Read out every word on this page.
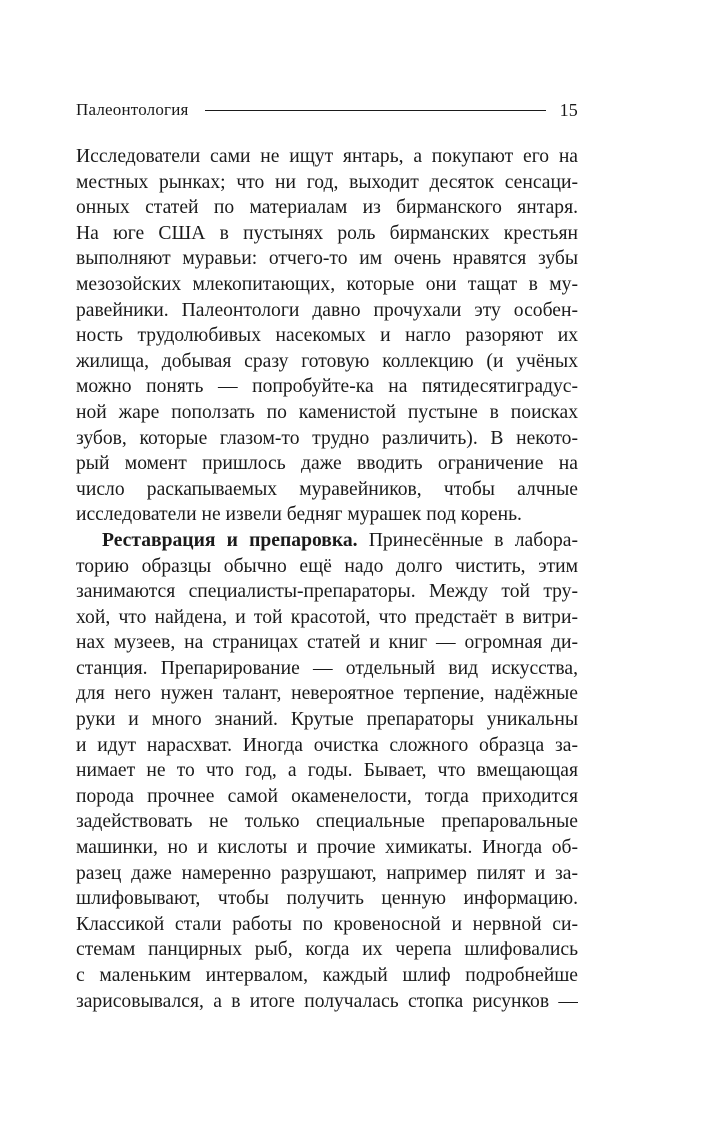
Палеонтология	15
Исследователи сами не ищут янтарь, а покупают его на
местных рынках; что ни год, выходит десяток сенсаци-
онных статей по материалам из бирманского янтаря.
На юге США в пустынях роль бирманских крестьян
выполняют муравьи: отчего-то им очень нравятся зубы
мезозойских млекопитающих, которые они тащат в му-
равейники. Палеонтологи давно прочухали эту особен-
ность трудолюбивых насекомых и нагло разоряют их
жилища, добывая сразу готовую коллекцию (и учёных
можно понять — попробуйте-ка на пятидесятиградус-
ной жаре поползать по каменистой пустыне в поисках
зубов, которые глазом-то трудно различить). В некото-
рый момент пришлось даже вводить ограничение на
число раскапываемых муравейников, чтобы алчные
исследователи не извели бедняг мурашек под корень.
Реставрация и препаровка. Принесённые в лабора-
торию образцы обычно ещё надо долго чистить, этим
занимаются специалисты-препараторы. Между той тру-
хой, что найдена, и той красотой, что предстаёт в витри-
нах музеев, на страницах статей и книг — огромная ди-
станция. Препарирование — отдельный вид искусства,
для него нужен талант, невероятное терпение, надёжные
руки и много знаний. Крутые препараторы уникальны
и идут нарасхват. Иногда очистка сложного образца за-
нимает не то что год, а годы. Бывает, что вмещающая
порода прочнее самой окаменелости, тогда приходится
задействовать не только специальные препаровальные
машинки, но и кислоты и прочие химикаты. Иногда об-
разец даже намеренно разрушают, например пилят и за-
шлифовывают, чтобы получить ценную информацию.
Классикой стали работы по кровеносной и нервной си-
стемам панцирных рыб, когда их черепа шлифовались
с маленьким интервалом, каждый шлиф подробнейше
зарисовывался, а в итоге получалась стопка рисунков —
